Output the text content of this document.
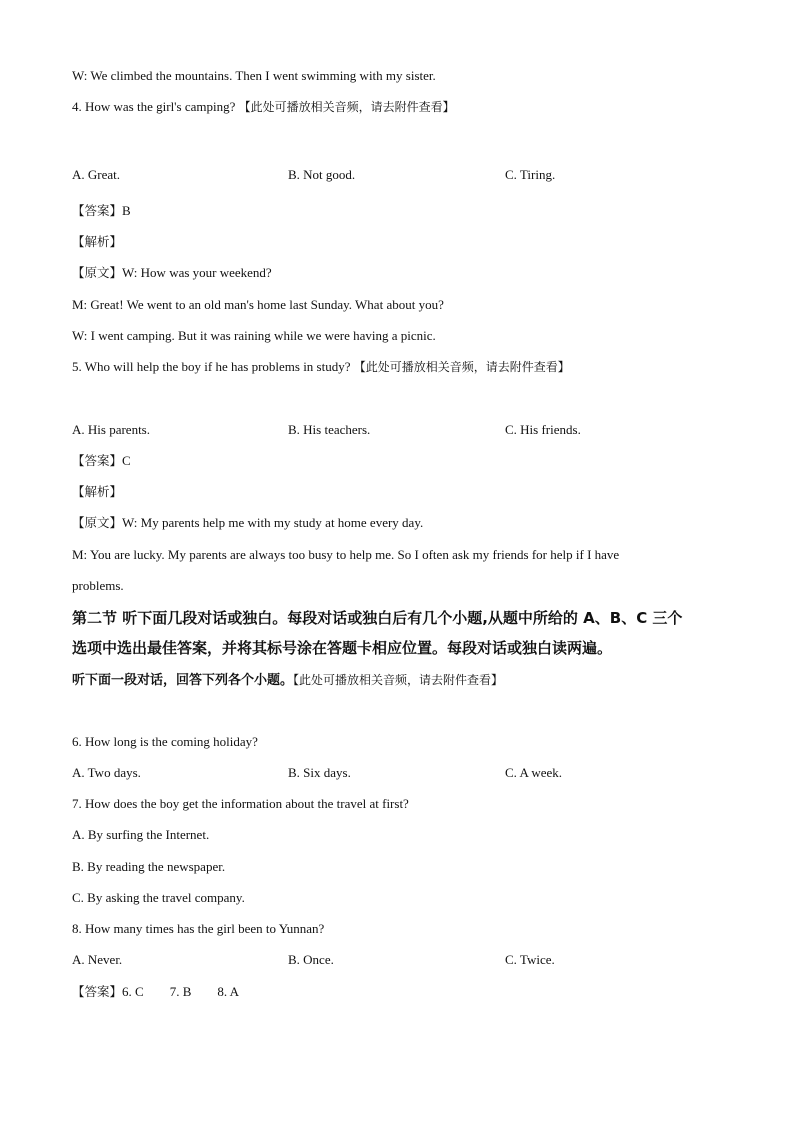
W: We climbed the mountains. Then I went swimming with my sister.
4. How was the girl's camping? 【此处可播放相关音频，请去附件查看】
A. Great.	B. Not good.	C. Tiring.
【答案】B
【解析】
【原文】W: How was your weekend?
M: Great! We went to an old man's home last Sunday. What about you?
W: I went camping. But it was raining while we were having a picnic.
5. Who will help the boy if he has problems in study? 【此处可播放相关音频，请去附件查看】
A. His parents.	B. His teachers.	C. His friends.
【答案】C
【解析】
【原文】W: My parents help me with my study at home every day.
M: You are lucky. My parents are always too busy to help me. So I often ask my friends for help if I have
problems.
第二节 听下面几段对话或独白。每段对话或独白后有几个小题,从题中所给的 A、B、C 三个
选项中选出最佳答案，并将其标号涂在答题卡相应位置。每段对话或独白读两遍。
听下面一段对话，回答下列各个小题。【此处可播放相关音频，请去附件查看】
6. How long is the coming holiday?
A. Two days.	B. Six days.	C. A week.
7. How does the boy get the information about the travel at first?
A. By surfing the Internet.
B. By reading the newspaper.
C. By asking the travel company.
8. How many times has the girl been to Yunnan?
A. Never.	B. Once.	C. Twice.
【答案】6. C 7. B 8. A
